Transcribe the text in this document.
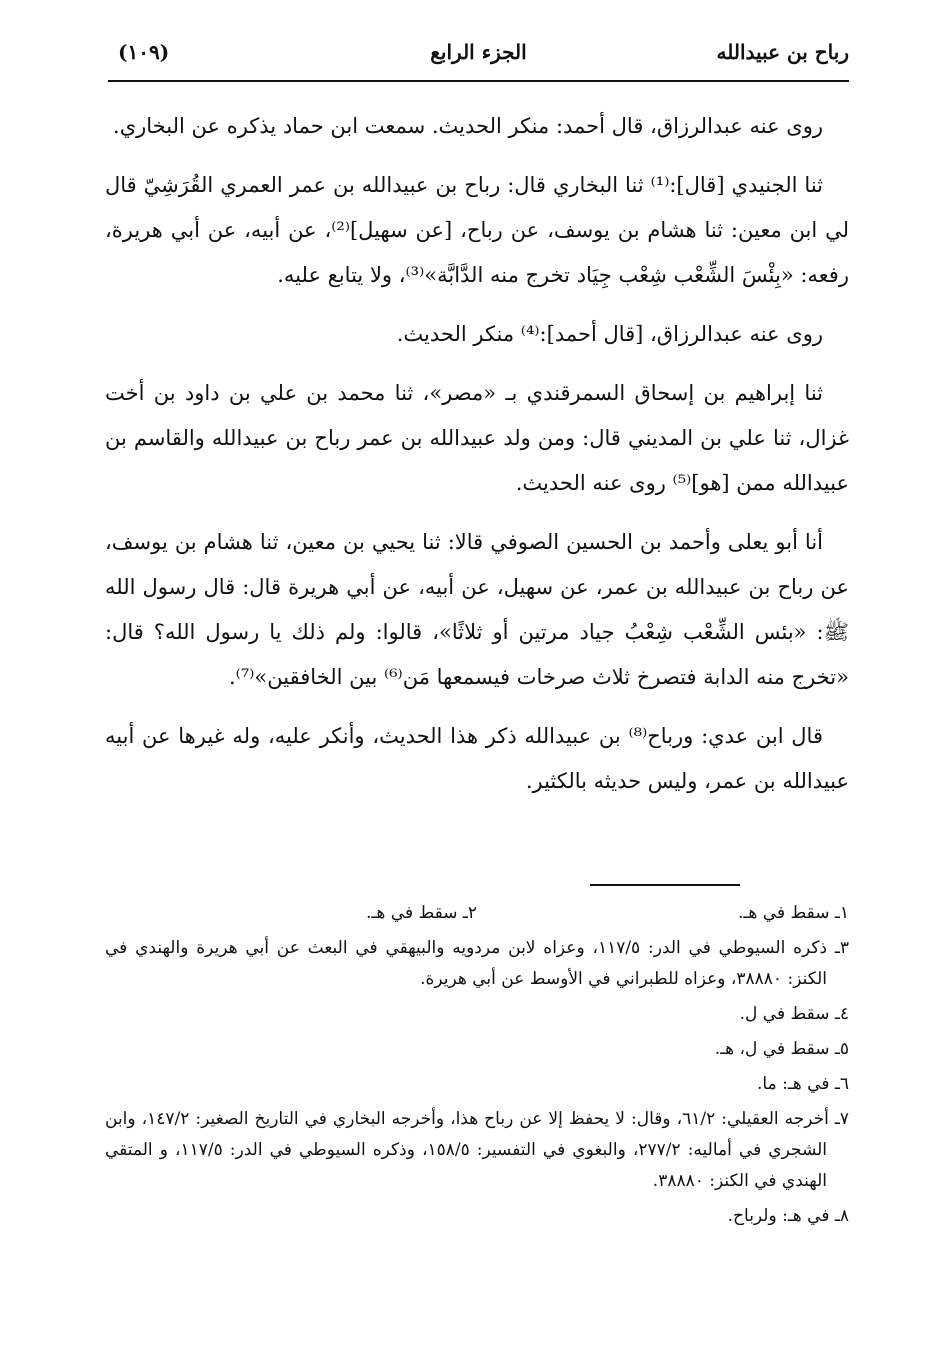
رباح بن عبيدالله
الجزء الرابع
(١٠٩)

روى عنه عبدالرزاق، قال أحمد: منكر الحديث. سمعت ابن حماد يذكره عن البخاري.

ثنا الجنيدي [قال]:⁽¹⁾ ثنا البخاري قال: رباح بن عبيدالله بن عمر العمري القُرَشِيّ قال لي ابن معين: ثنا هشام بن يوسف، عن رباح، [عن سهيل]⁽²⁾، عن أبيه، عن أبي هريرة، رفعه: «بِئْسَ الشِّعْب شِعْب جِيَاد تخرج منه الدَّابَّة»⁽³⁾، ولا يتابع عليه.

روى عنه عبدالرزاق، [قال أحمد]:⁽⁴⁾ منكر الحديث.

ثنا إبراهيم بن إسحاق السمرقندي بـ «مصر»، ثنا محمد بن علي بن داود بن أخت غزال، ثنا علي بن المديني قال: ومن ولد عبيدالله بن عمر رباح بن عبيدالله والقاسم بن عبيدالله ممن [هو]⁽⁵⁾ روى عنه الحديث.

أنا أبو يعلى وأحمد بن الحسين الصوفي قالا: ثنا يحيي بن معين، ثنا هشام بن يوسف، عن رباح بن عبيدالله بن عمر، عن سهيل، عن أبيه، عن أبي هريرة قال: قال رسول الله ﷺ: «بئس الشِّعْب شِعْبُ جياد مرتين أو ثلاثًا»، قالوا: ولم ذلك يا رسول الله؟ قال: «تخرج منه الدابة فتصرخ ثلاث صرخات فيسمعها مَن⁽⁶⁾ بين الخافقين»⁽⁷⁾.

قال ابن عدي: ورباح⁽⁸⁾ بن عبيدالله ذكر هذا الحديث، وأنكر عليه، وله غيرها عن أبيه عبيدالله بن عمر، وليس حديثه بالكثير.

١ـ سقط في هـ.
٢ـ سقط في هـ.
٣ـ ذكره السيوطي في الدر: ١١٧/٥، وعزاه لابن مردويه والبيهقي في البعث عن أبي هريرة والهندي في الكنز: ٣٨٨٨٠، وعزاه للطبراني في الأوسط عن أبي هريرة.
٤ـ سقط في ل.
٥ـ سقط في ل، هـ.
٦ـ في هـ: ما.
٧ـ أخرجه العقيلي: ٦١/٢، وقال: لا يحفظ إلا عن رباح هذا، وأخرجه البخاري في التاريخ الصغير: ١٤٧/٢، وابن الشجري في أماليه: ٢٧٧/٢، والبغوي في التفسير: ١٥٨/٥، وذكره السيوطي في الدر: ١١٧/٥، و المتقي الهندي في الكنز: ٣٨٨٨٠.
٨ـ في هـ: ولرباح.
